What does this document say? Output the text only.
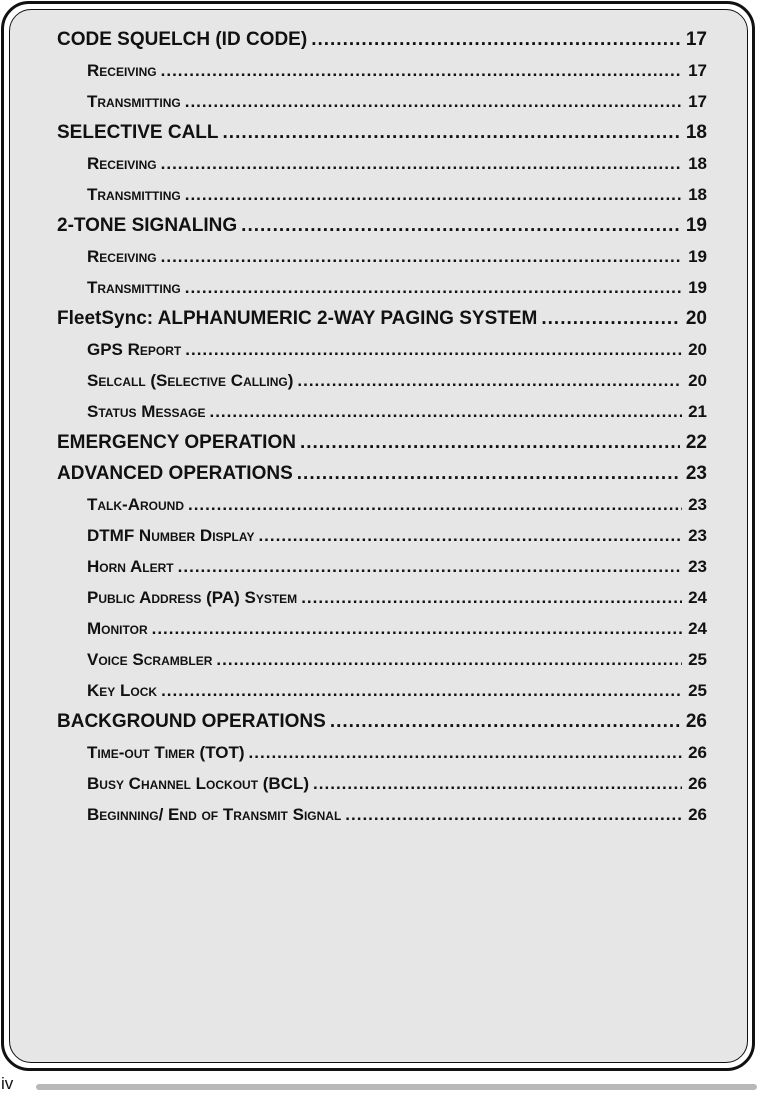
CODE SQUELCH (ID CODE) .....	17
Receiving .....	17
Transmitting .....	17
SELECTIVE CALL .....	18
Receiving .....	18
Transmitting .....	18
2-TONE SIGNALING .....	19
Receiving .....	19
Transmitting .....	19
FleetSync: ALPHANUMERIC 2-WAY PAGING SYSTEM .....	20
GPS Report .....	20
Selcall (Selective Calling) .....	20
Status Message .....	21
EMERGENCY OPERATION .....	22
ADVANCED OPERATIONS .....	23
Talk-Around .....	23
DTMF Number Display .....	23
Horn Alert .....	23
Public Address (PA) System .....	24
Monitor .....	24
Voice Scrambler .....	25
Key Lock .....	25
BACKGROUND OPERATIONS .....	26
Time-out Timer (TOT) .....	26
Busy Channel Lockout (BCL) .....	26
Beginning/ End of Transmit Signal .....	26
iv
